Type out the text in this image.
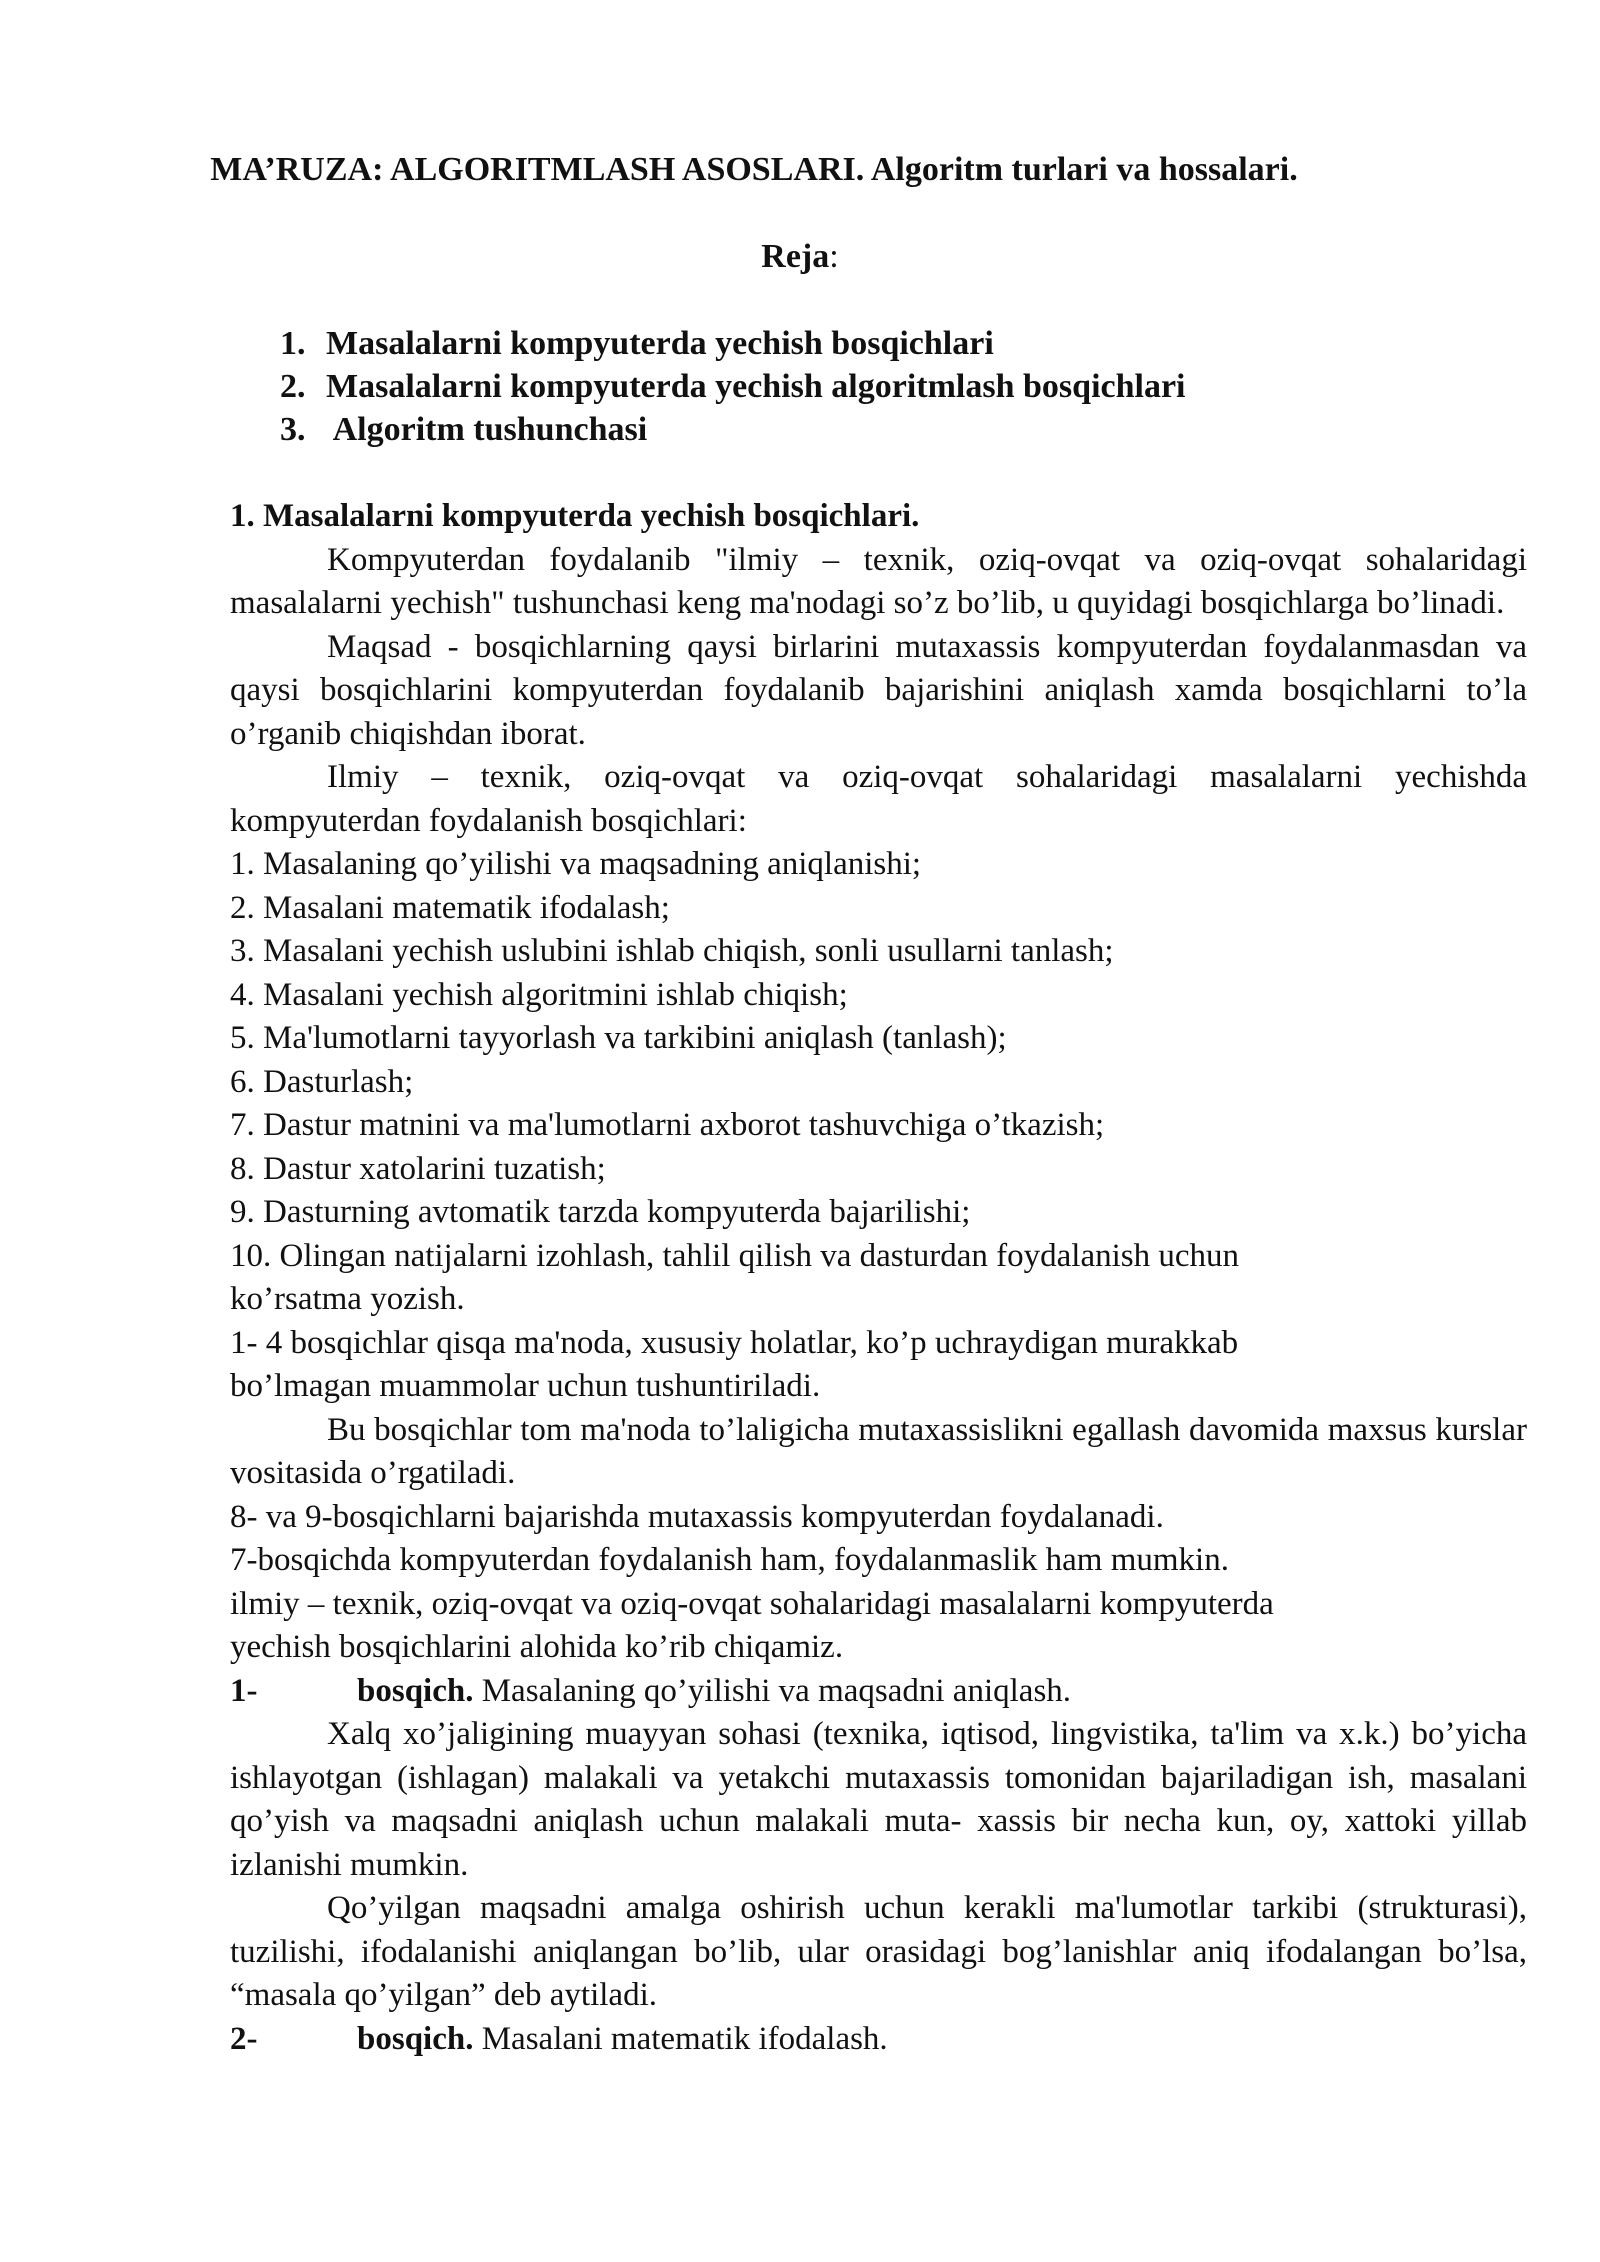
MA’RUZA: ALGORITMLASH ASOSLARI. Algoritm turlari va hossalari.
Reja:
1. Masalalarni kompyuterda yechish bosqichlari
2. Masalalarni kompyuterda yechish algoritmlash bosqichlari
3. Algoritm tushunchasi

1. Masalalarni kompyuterda yechish bosqichlari.

Kompyuterdan foydalanib "ilmiy – texnik, oziq-ovqat va oziq-ovqat sohalaridagi masalalarni yechish" tushunchasi keng ma'nodagi so’z bo’lib, u quyidagi bosqichlarga bo’linadi.

Maqsad - bosqichlarning qaysi birlarini mutaxassis kompyuterdan foydalanmasdan va qaysi bosqichlarini kompyuterdan foydalanib bajarishini aniqlash xamda bosqichlarni to’la o’rganib chiqishdan iborat.

Ilmiy – texnik, oziq-ovqat va oziq-ovqat sohalaridagi masalalarni yechishda kompyuterdan foydalanish bosqichlari:

1. Masalaning qo’yilishi va maqsadning aniqlanishi;

2. Masalani matematik ifodalash;

3. Masalani yechish uslubini ishlab chiqish, sonli usullarni tanlash;

4. Masalani yechish algoritmini ishlab chiqish;

5. Ma'lumotlarni tayyorlash va tarkibini aniqlash (tanlash);

6. Dasturlash;

7. Dastur matnini va ma'lumotlarni axborot tashuvchiga o’tkazish;

8. Dastur xatolarini tuzatish;

9. Dasturning avtomatik tarzda kompyuterda bajarilishi;

10. Olingan natijalarni izohlash, tahlil qilish va dasturdan foydalanish uchun

ko’rsatma yozish.

1- 4 bosqichlar qisqa ma'noda, xususiy holatlar, ko’p uchraydigan murakkab

bo’lmagan muammolar uchun tushuntiriladi.

Bu bosqichlar tom ma'noda to’laligicha mutaxassislikni egallash davomida maxsus kurslar vositasida o’rgatiladi.

8- va 9-bosqichlarni bajarishda mutaxassis kompyuterdan foydalanadi.

7-bosqichda kompyuterdan foydalanish ham, foydalanmaslik ham mumkin.

ilmiy – texnik, oziq-ovqat va oziq-ovqat sohalaridagi masalalarni kompyuterda

yechish bosqichlarini alohida ko’rib chiqamiz.

1-	bosqich. Masalaning qo’yilishi va maqsadni aniqlash.

Xalq xo’jaligining muayyan sohasi (texnika, iqtisod, lingvistika, ta'lim va x.k.) bo’yicha ishlayotgan (ishlagan) malakali va yetakchi mutaxassis tomonidan bajariladigan ish, masalani qo’yish va maqsadni aniqlash uchun malakali muta- xassis bir necha kun, oy, xattoki yillab izlanishi mumkin.

Qo’yilgan maqsadni amalga oshirish uchun kerakli ma'lumotlar tarkibi (strukturasi), tuzilishi, ifodalanishi aniqlangan bo’lib, ular orasidagi bog’lanishlar aniq ifodalangan bo’lsa, “masala qo’yilgan” deb aytiladi.

2-	bosqich. Masalani matematik ifodalash.
